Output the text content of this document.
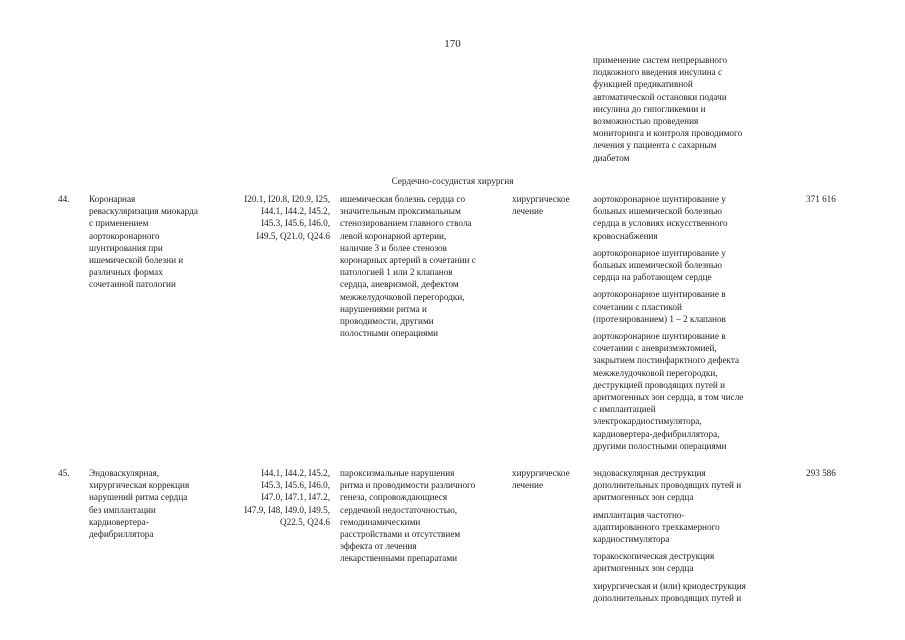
170
применение систем непрерывного
подкожного введения инсулина с
функцией предикативной
автоматической остановки подачи
инсулина до гипогликемии и
возможностью проведения
мониторинга и контроля проводимого
лечения у пациента с сахарным
диабетом
Сердечно-сосудистая хирургия
44. Коронарная
реваскуляризация миокарда
с применением
аортокоронарного
шунтирования при
ишемической болезни и
различных формах
сочетанной патологии
I20.1, I20.8, I20.9, I25,
I44.1, I44.2, I45.2,
I45.3, I45.6, I46.0,
I49.5, Q21.0, Q24.6
ишемическая болезнь сердца со
значительным проксимальным
стенозированием главного ствола
левой коронарной артерии,
наличие 3 и более стенозов
коронарных артерий в сочетании с
патологией 1 или 2 клапанов
сердца, аневризмой, дефектом
межжелудочковой перегородки,
нарушениями ритма и
проводимости, другими
полостными операциями
хирургическое
лечение
аортокоронарное шунтирование у
больных ишемической болезнью
сердца в условиях искусственного
кровоснабжения
аортокоронарное шунтирование у
больных ишемической болезнью
сердца на работающем сердце
аортокоронарное шунтирование в
сочетании с пластикой
(протезированием) 1 – 2 клапанов
аортокоронарное шунтирование в
сочетании с аневризмэктомией,
закрытием постинфарктного дефекта
межжелудочковой перегородки,
деструкцией проводящих путей и
аритмогенных зон сердца, в том числе
с имплантацией
электрокардиостимулятора,
кардиовертера-дефибриллятора,
другими полостными операциями
371 616
45. Эндоваскулярная,
хирургическая коррекция
нарушений ритма сердца
без имплантации
кардиовертера-
дефибриллятора
I44.1, I44.2, I45.2,
I45.3, I45.6, I46.0,
I47.0, I47.1, I47.2,
I47.9, I48, I49.0, I49.5,
Q22.5, Q24.6
пароксизмальные нарушения
ритма и проводимости различного
генеза, сопровождающиеся
сердечной недостаточностью,
гемодинамическими
расстройствами и отсутствием
эффекта от лечения
лекарственными препаратами
хирургическое
лечение
эндоваскулярная деструкция
дополнительных проводящих путей и
аритмогенных зон сердца
имплантация частотно-
адаптированного трехкамерного
кардиостимулятора
торакоскопическая деструкция
аритмогенных зон сердца
хирургическая и (или) криодеструкция
дополнительных проводящих путей и
293 586
